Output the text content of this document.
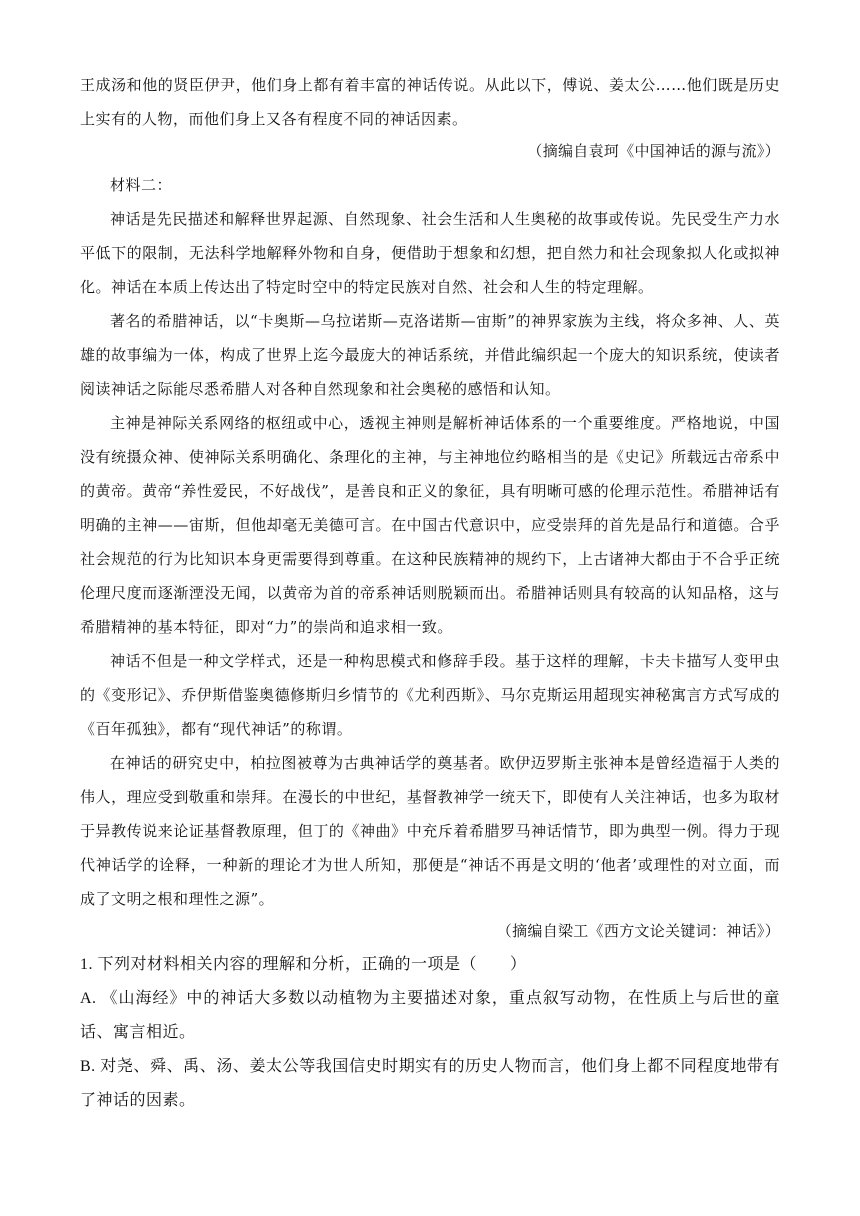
王成汤和他的贤臣伊尹，他们身上都有着丰富的神话传说。从此以下，傅说、姜太公……他们既是历史上实有的人物，而他们身上又各有程度不同的神话因素。

（摘编自袁珂《中国神话的源与流》）

材料二：

神话是先民描述和解释世界起源、自然现象、社会生活和人生奥秘的故事或传说。先民受生产力水平低下的限制，无法科学地解释外物和自身，便借助于想象和幻想，把自然力和社会现象拟人化或拟神化。神话在本质上传达出了特定时空中的特定民族对自然、社会和人生的特定理解。

著名的希腊神话，以“卡奥斯—乌拉诺斯—克洛诺斯—宙斯”的神界家族为主线，将众多神、人、英雄的故事编为一体，构成了世界上迄今最庞大的神话系统，并借此编织起一个庞大的知识系统，使读者阅读神话之际能尽悉希腊人对各种自然现象和社会奥秘的感悟和认知。

主神是神际关系网络的枢纽或中心，透视主神则是解析神话体系的一个重要维度。严格地说，中国没有统摄众神、使神际关系明确化、条理化的主神，与主神地位约略相当的是《史记》所载远古帝系中的黄帝。黄帝“养性爱民，不好战伐”，是善良和正义的象征，具有明晰可感的伦理示范性。希腊神话有明确的主神——宙斯，但他却毫无美德可言。在中国古代意识中，应受崇拜的首先是品行和道德。合乎社会规范的行为比知识本身更需要得到尊重。在这种民族精神的规约下，上古诸神大都由于不合乎正统伦理尺度而逐渐湮没无闻，以黄帝为首的帝系神话则脱颖而出。希腊神话则具有较高的认知品格，这与希腊精神的基本特征，即对“力”的崇尚和追求相一致。

神话不但是一种文学样式，还是一种构思模式和修辞手段。基于这样的理解，卡夫卡描写人变甲虫的《变形记》、乔伊斯借鉴奥德修斯归乡情节的《尤利西斯》、马尔克斯运用超现实神秘寓言方式写成的《百年孤独》，都有“现代神话”的称谓。

在神话的研究史中，柏拉图被尊为古典神话学的奠基者。欧伊迈罗斯主张神本是曾经造福于人类的伟人，理应受到敬重和崇拜。在漫长的中世纪，基督教神学一统天下，即使有人关注神话，也多为取材于异教传说来论证基督教原理，但丁的《神曲》中充斥着希腊罗马神话情节，即为典型一例。得力于现代神话学的诠释，一种新的理论才为世人所知，那便是“神话不再是文明的‘他者’或理性的对立面，而成了文明之根和理性之源”。

（摘编自梁工《西方文论关键词：神话》）

1. 下列对材料相关内容的理解和分析，正确的一项是（　　）

A. 《山海经》中的神话大多数以动植物为主要描述对象，重点叙写动物，在性质上与后世的童话、寓言相近。

B. 对尧、舜、禹、汤、姜太公等我国信史时期实有的历史人物而言，他们身上都不同程度地带有了神话的因素。
